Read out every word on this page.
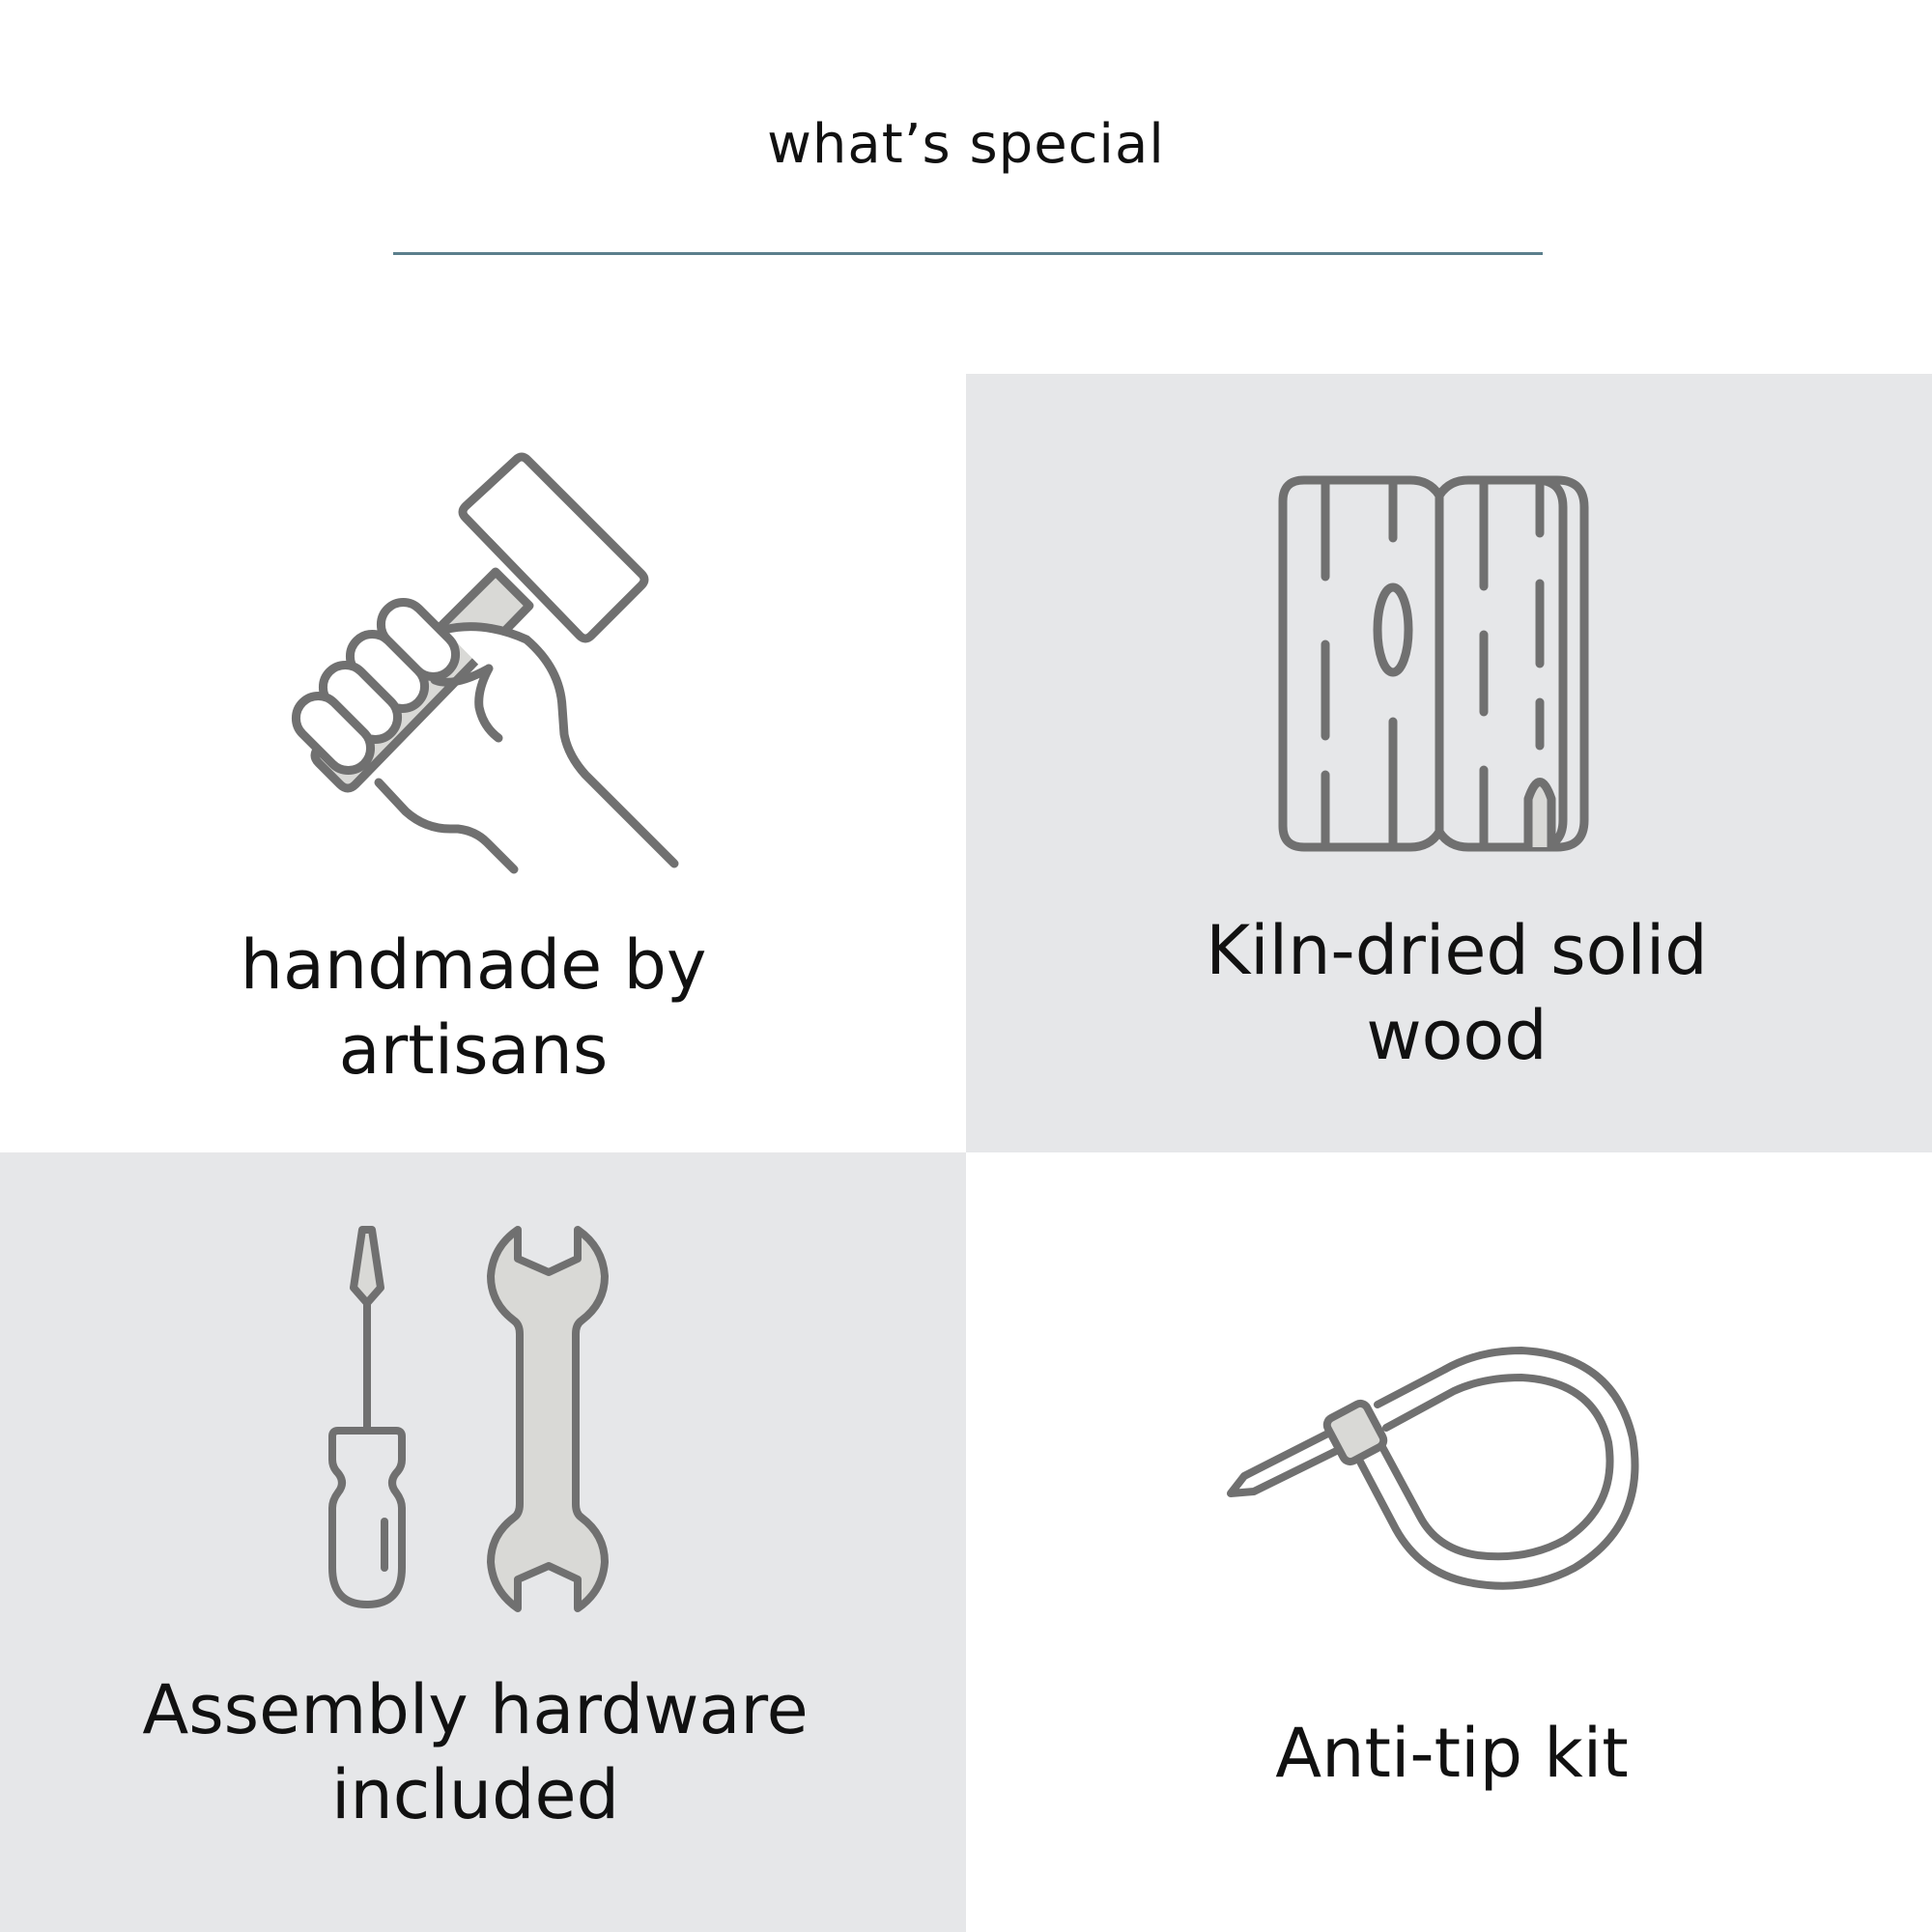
what’s special
handmade by
artisans
Kiln-dried solid
wood
Assembly hardware
included
Anti-tip kit
